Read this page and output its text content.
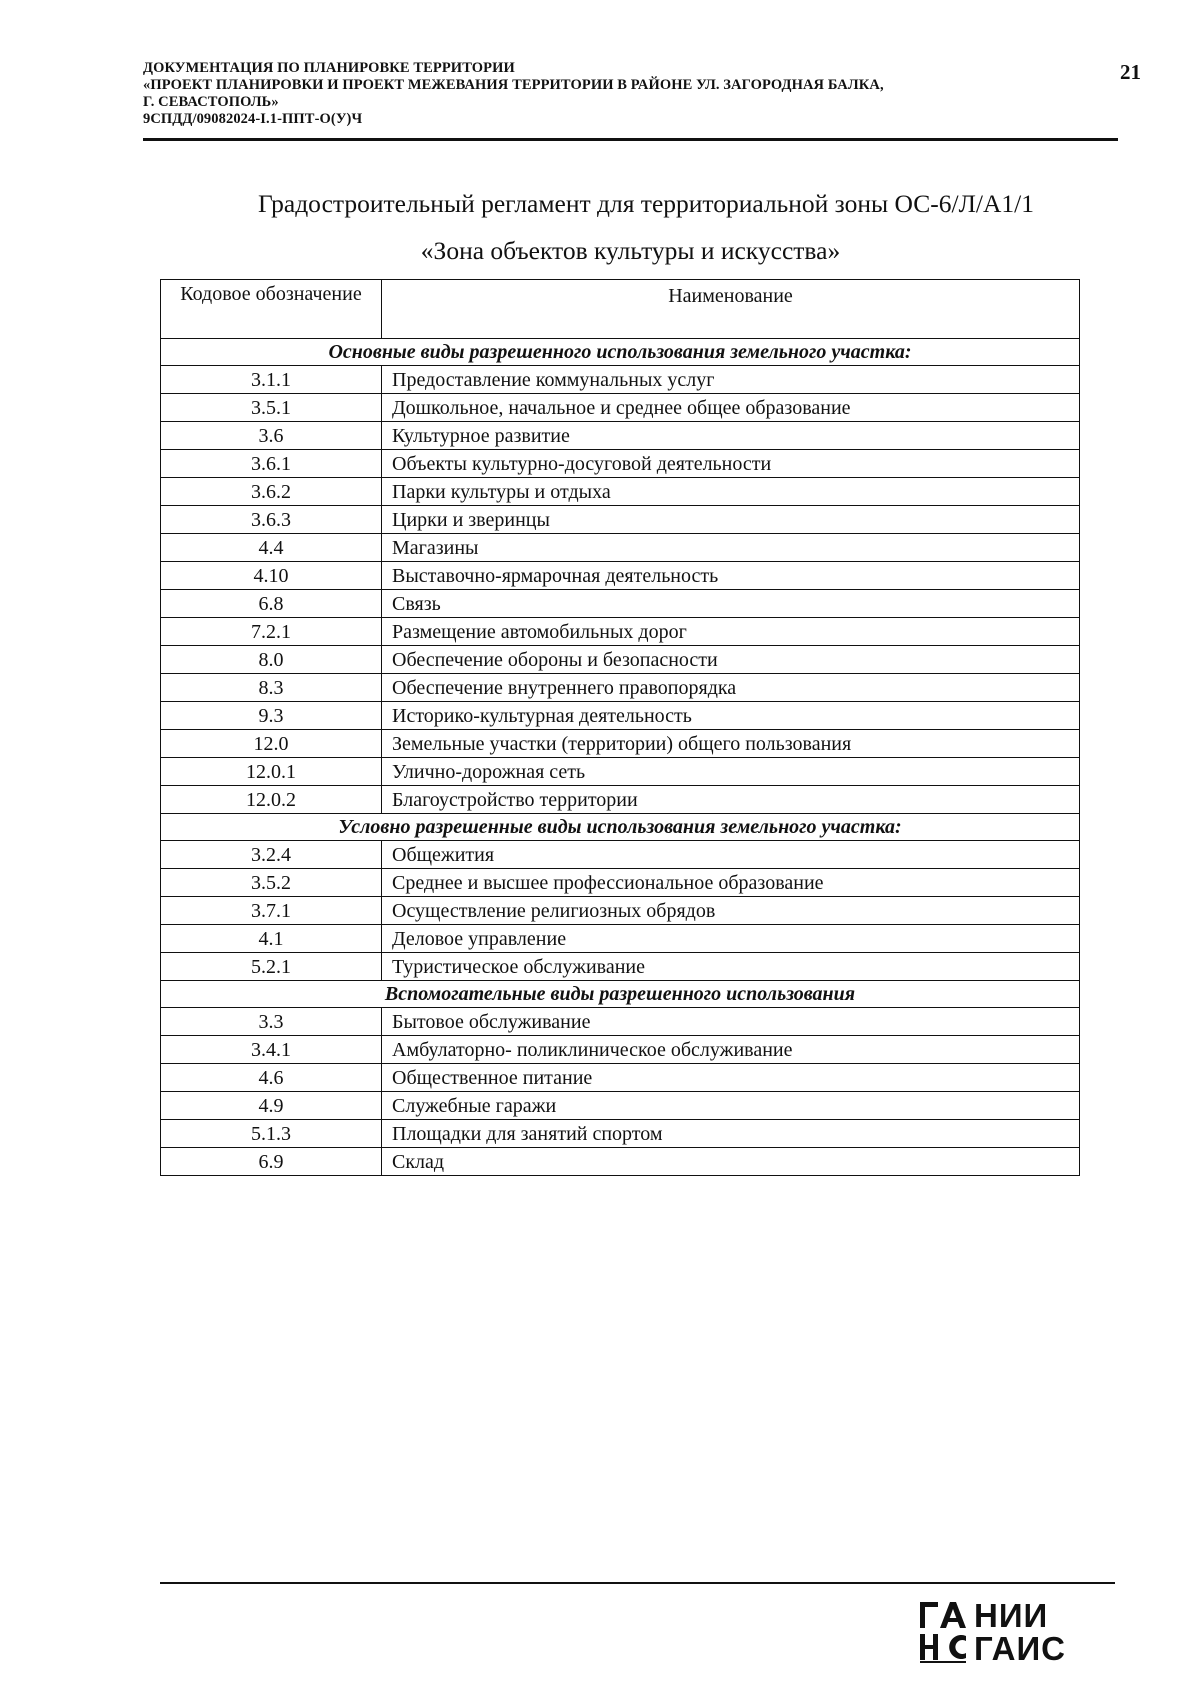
ДОКУМЕНТАЦИЯ ПО ПЛАНИРОВКЕ ТЕРРИТОРИИ
«ПРОЕКТ ПЛАНИРОВКИ И ПРОЕКТ МЕЖЕВАНИЯ ТЕРРИТОРИИ В РАЙОНЕ УЛ. ЗАГОРОДНАЯ БАЛКА,
Г. СЕВАСТОПОЛЬ»
9СПДД/09082024-I.1-ППТ-О(У)Ч
21
Градостроительный регламент для территориальной зоны ОС-6/Л/А1/1
«Зона объектов культуры и искусства»
Кодовое обозначение	Наименование
Основные виды разрешенного использования земельного участка:	
3.1.1	Предоставление коммунальных услуг
3.5.1	Дошкольное, начальное и среднее общее образование
3.6	Культурное развитие
3.6.1	Объекты культурно-досуговой деятельности
3.6.2	Парки культуры и отдыха
3.6.3	Цирки и зверинцы
4.4	Магазины
4.10	Выставочно-ярмарочная деятельность
6.8	Связь
7.2.1	Размещение автомобильных дорог
8.0	Обеспечение обороны и безопасности
8.3	Обеспечение внутреннего правопорядка
9.3	Историко-культурная деятельность
12.0	Земельные участки (территории) общего пользования
12.0.1	Улично-дорожная сеть
12.0.2	Благоустройство территории
Условно разрешенные виды использования земельного участка:	
3.2.4	Общежития
3.5.2	Среднее и высшее профессиональное образование
3.7.1	Осуществление религиозных обрядов
4.1	Деловое управление
5.2.1	Туристическое обслуживание
Вспомогательные виды разрешенного использования	
3.3	Бытовое обслуживание
3.4.1	Амбулаторно- поликлиническое обслуживание
4.6	Общественное питание
4.9	Служебные гаражи
5.1.3	Площадки для занятий спортом
6.9	Склад
НИИ
ГАИС
